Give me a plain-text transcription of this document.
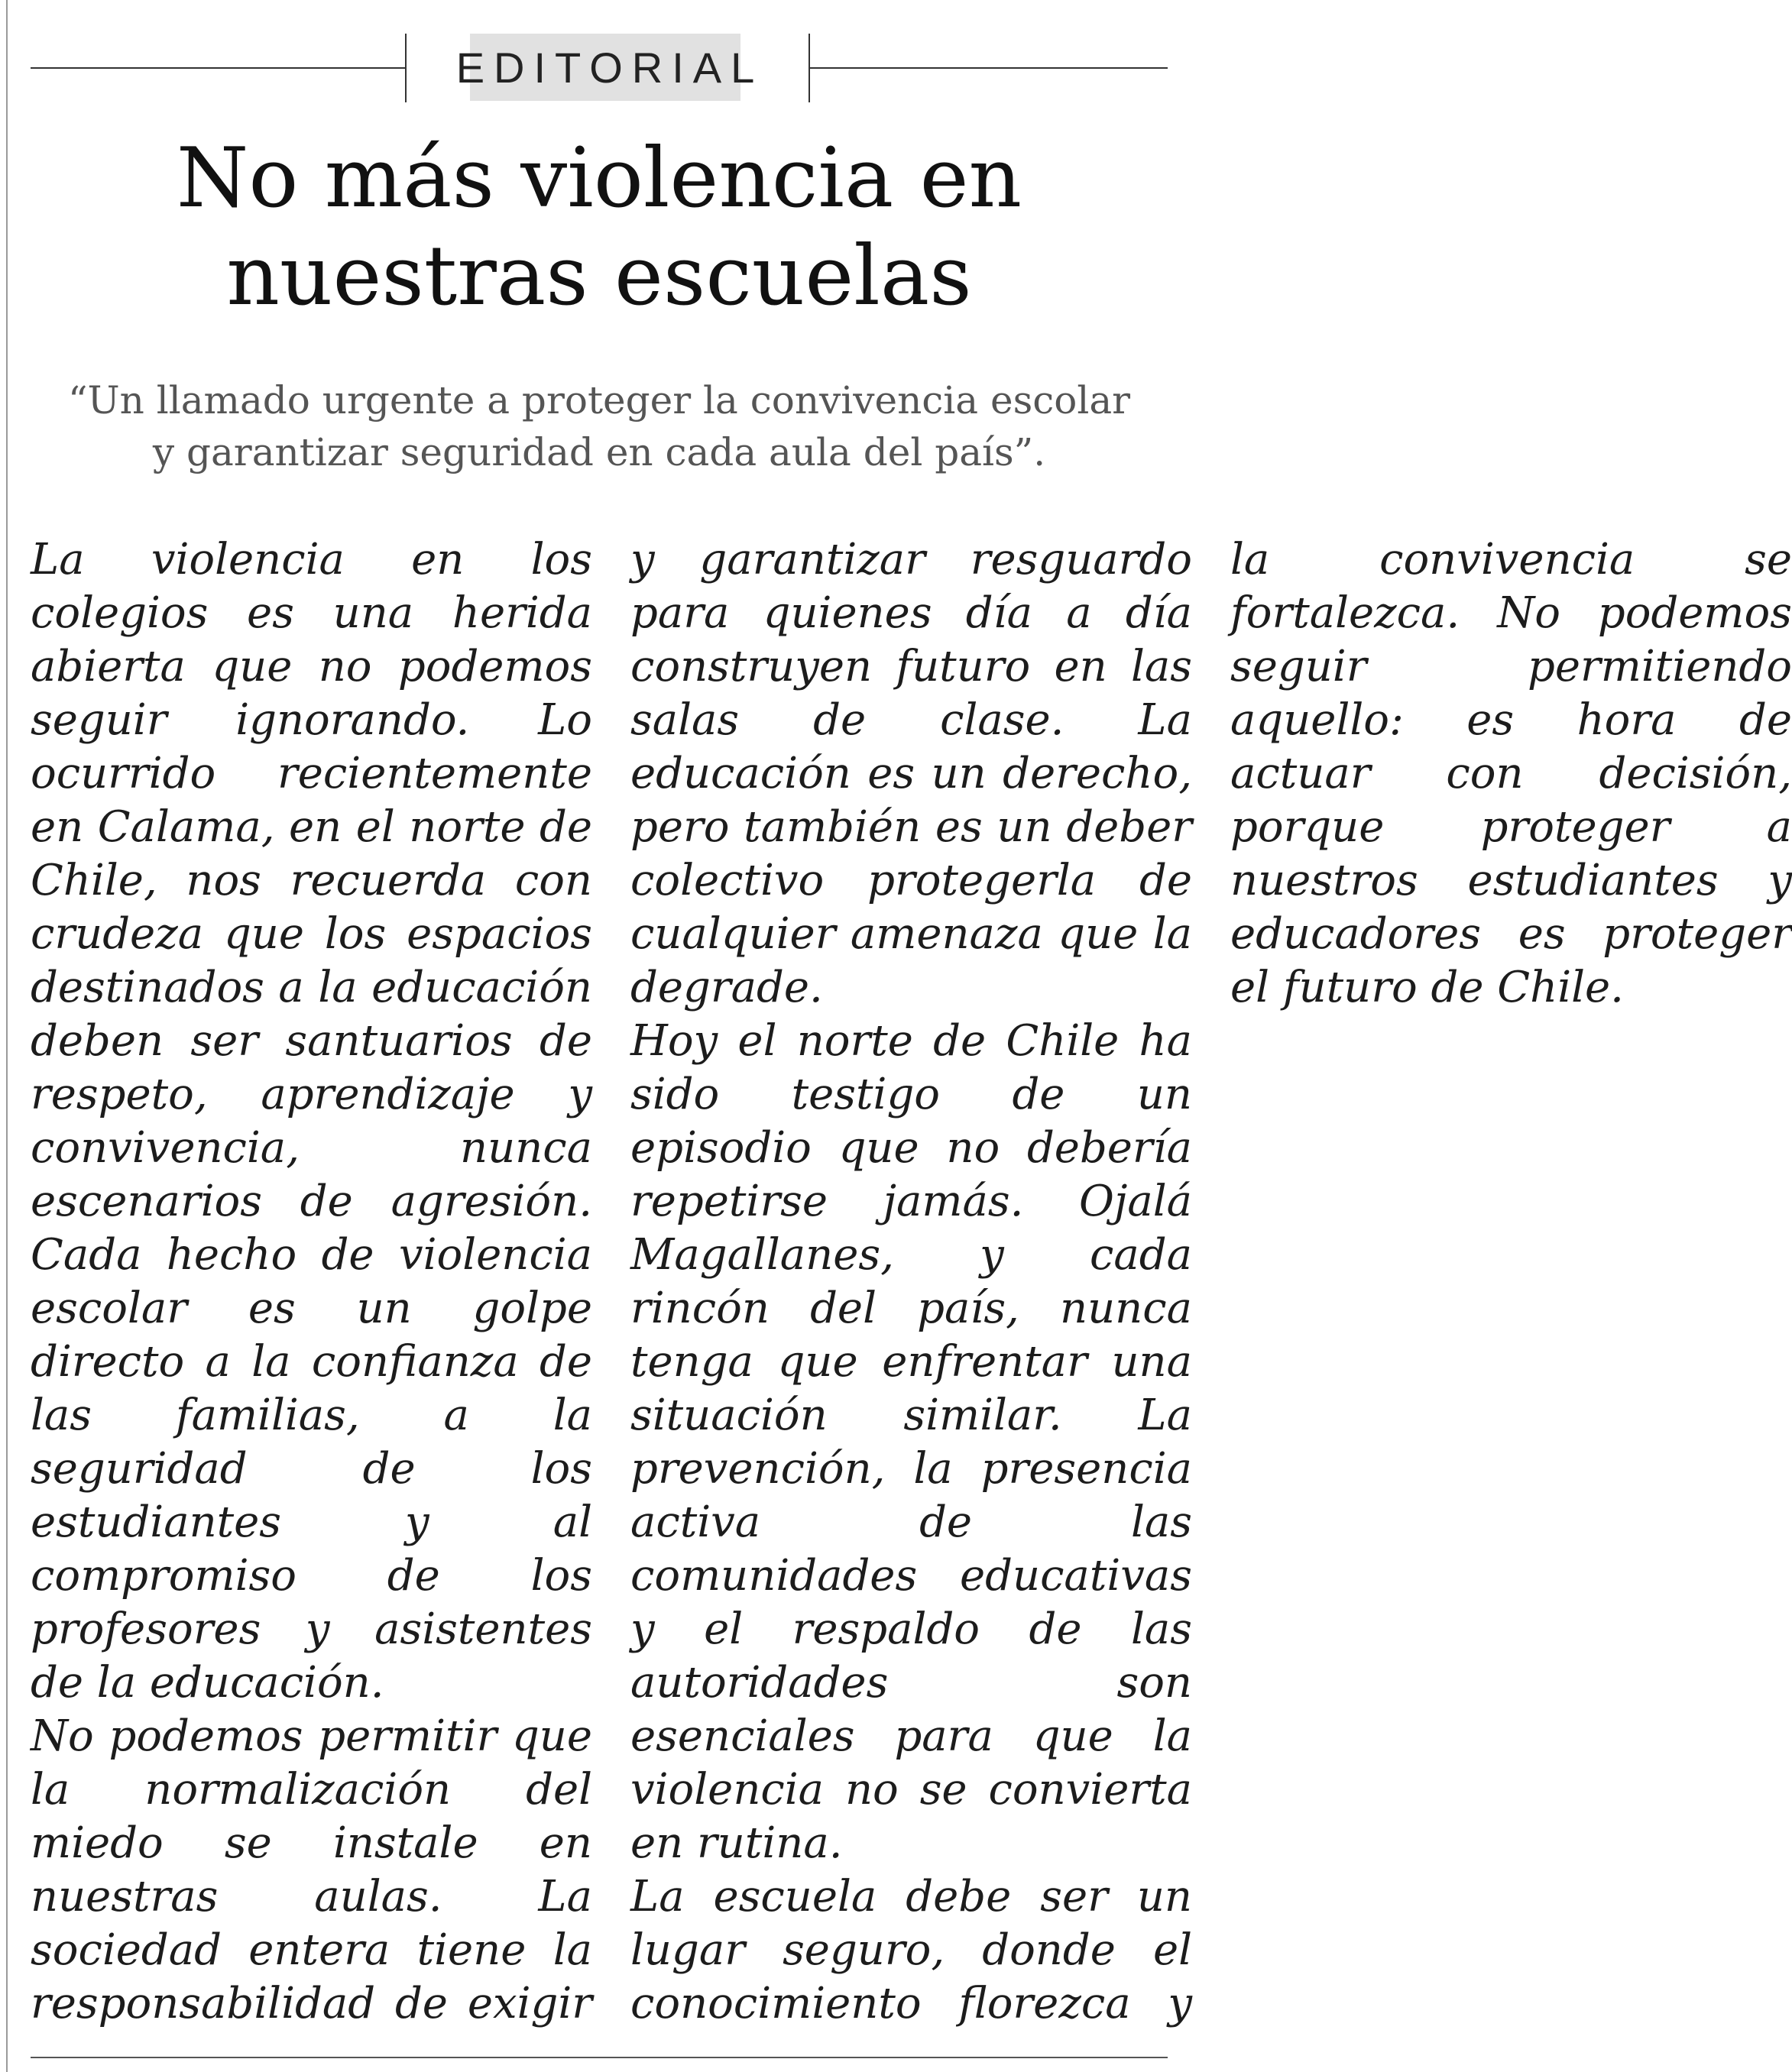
EDITORIAL
No más violencia en nuestras escuelas

“Un llamado urgente a proteger la convivencia escolar y garantizar seguridad en cada aula del país”.

La violencia en los colegios es una herida abierta que no podemos seguir ignorando. Lo ocurrido recientemente en Calama, en el norte de Chile, nos recuerda con crudeza que los espacios destinados a la educación deben ser santuarios de respeto, aprendizaje y convivencia, nunca escenarios de agresión. Cada hecho de violencia escolar es un golpe directo a la confianza de las familias, a la seguridad de los estudiantes y al compromiso de los profesores y asistentes de la educación.

No podemos permitir que la normalización del miedo se instale en nuestras aulas. La sociedad entera tiene la responsabilidad de exigir y garantizar resguardo para quienes día a día construyen futuro en las salas de clase. La educación es un derecho, pero también es un deber colectivo protegerla de cualquier amenaza que la degrade.

Hoy el norte de Chile ha sido testigo de un episodio que no debería repetirse jamás. Ojalá Magallanes, y cada rincón del país, nunca tenga que enfrentar una situación similar. La prevención, la presencia activa de las comunidades educativas y el respaldo de las autoridades son esenciales para que la violencia no se convierta en rutina.

La escuela debe ser un lugar seguro, donde el conocimiento florezca y la convivencia se fortalezca. No podemos seguir permitiendo aquello: es hora de actuar con decisión, porque proteger a nuestros estudiantes y educadores es proteger el futuro de Chile.
